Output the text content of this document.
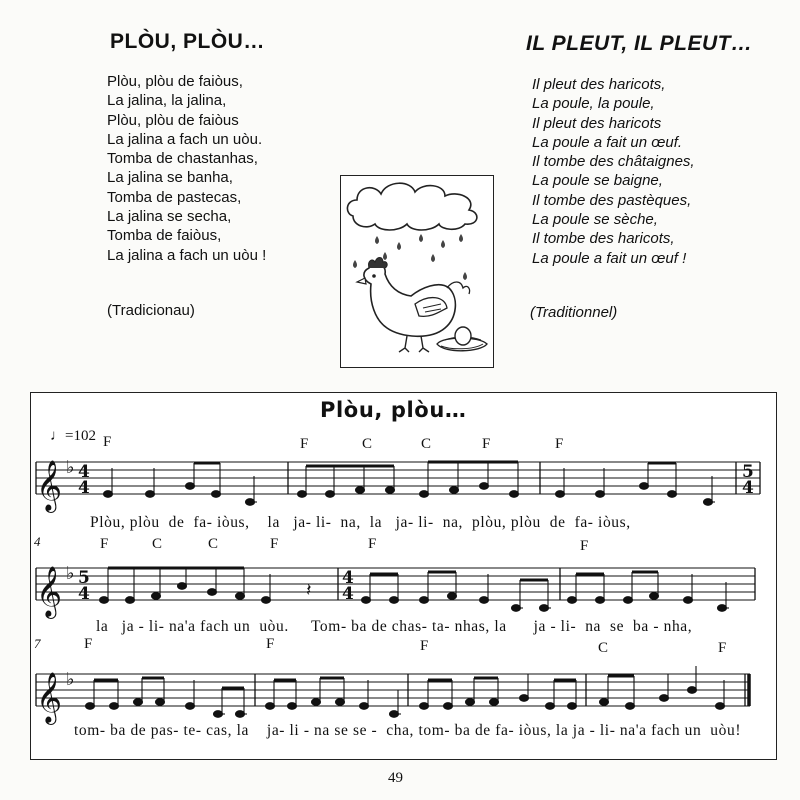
PLÒU, PLÒU…	IL PLEUT, IL PLEUT…
Plòu, plòu de faiòus,
La jalina, la jalina,
Plòu, plòu de faiòus
La jalina a fach un uòu.
Tomba de chastanhas,
La jalina se banha,
Tomba de pastecas,
La jalina se secha,
Tomba de faiòus,
La jalina a fach un uòu !
Il pleut des haricots,
La poule, la poule,
Il pleut des haricots
La poule a fait un œuf.
Il tombe des châtaignes,
La poule se baigne,
Il tombe des pastèques,
La poule se sèche,
Il tombe des haricots,
La poule a fait un œuf !
(Tradicionau)	(Traditionnel)
Plòu, plòu…
♩=102
𝄞
𝄞
𝄞
♭
♭
♭
4
4
5
4
5
4
4
4
𝄽
4
7
F	F	C	C	F	F
F	C	C	F	F	F
F	F	F	C	F
Plòu, plòu  de  fa- iòus,    la   ja- li-  na,  la   ja- li-  na,  plòu, plòu  de  fa- iòus,
la   ja - li- na'a fach un  uòu.     Tom- ba de chas- ta- nhas, la      ja - li-  na  se  ba - nha,
tom- ba de pas- te- cas, la    ja- li - na se se -  cha, tom- ba de fa- iòus, la ja - li- na'a fach un  uòu!
49
